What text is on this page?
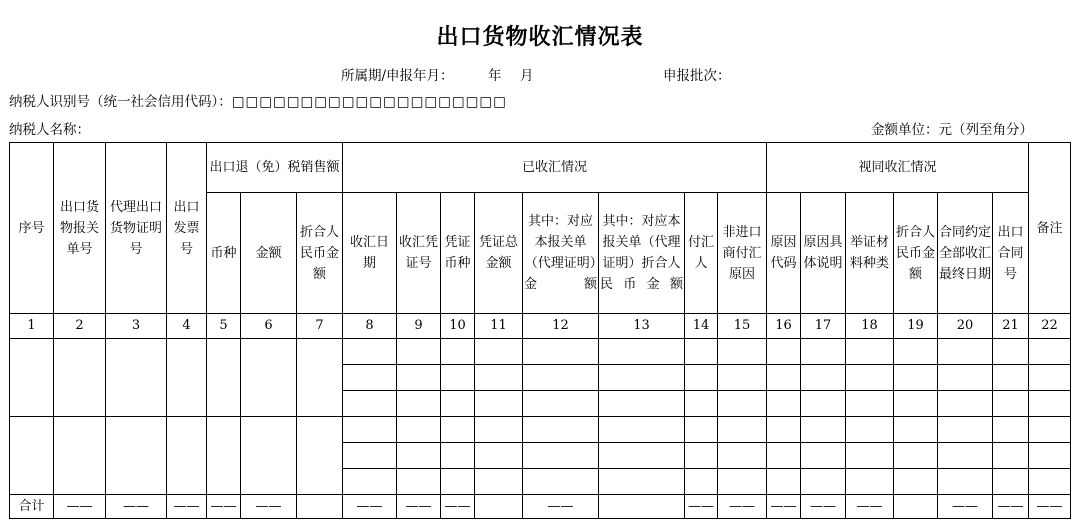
出口货物收汇情况表
所属期/申报年月：	年 月	申报批次：
纳税人识别号（统一社会信用代码）：□□□□□□□□□□□□□□□□□□□□
纳税人名称：	金额单位：元（列至角分）
序号	出口货物报关单号	代理出口货物证明号	出口发票号	出口退（免）税销售额			已收汇情况								视同收汇情况						备注
				币种	金额	折合人民币金额	收汇日期	收汇凭证号	凭证币种	凭证总金额	其中：对应本报关单（代理证明）金额	其中：对应本报关单（代理证明）折合人民币金额	付汇人	非进口商付汇原因	原因代码	原因具体说明	举证材料种类	折合人民币金额	合同约定全部收汇最终日期	出口合同号	
1	2	3	4	5	6	7	8	9	10	11	12	13	14	15	16	17	18	19	20	21	22

合计	——	——	——	——	——		——	——	——		——		——	——	——	——	——		——	——	——
